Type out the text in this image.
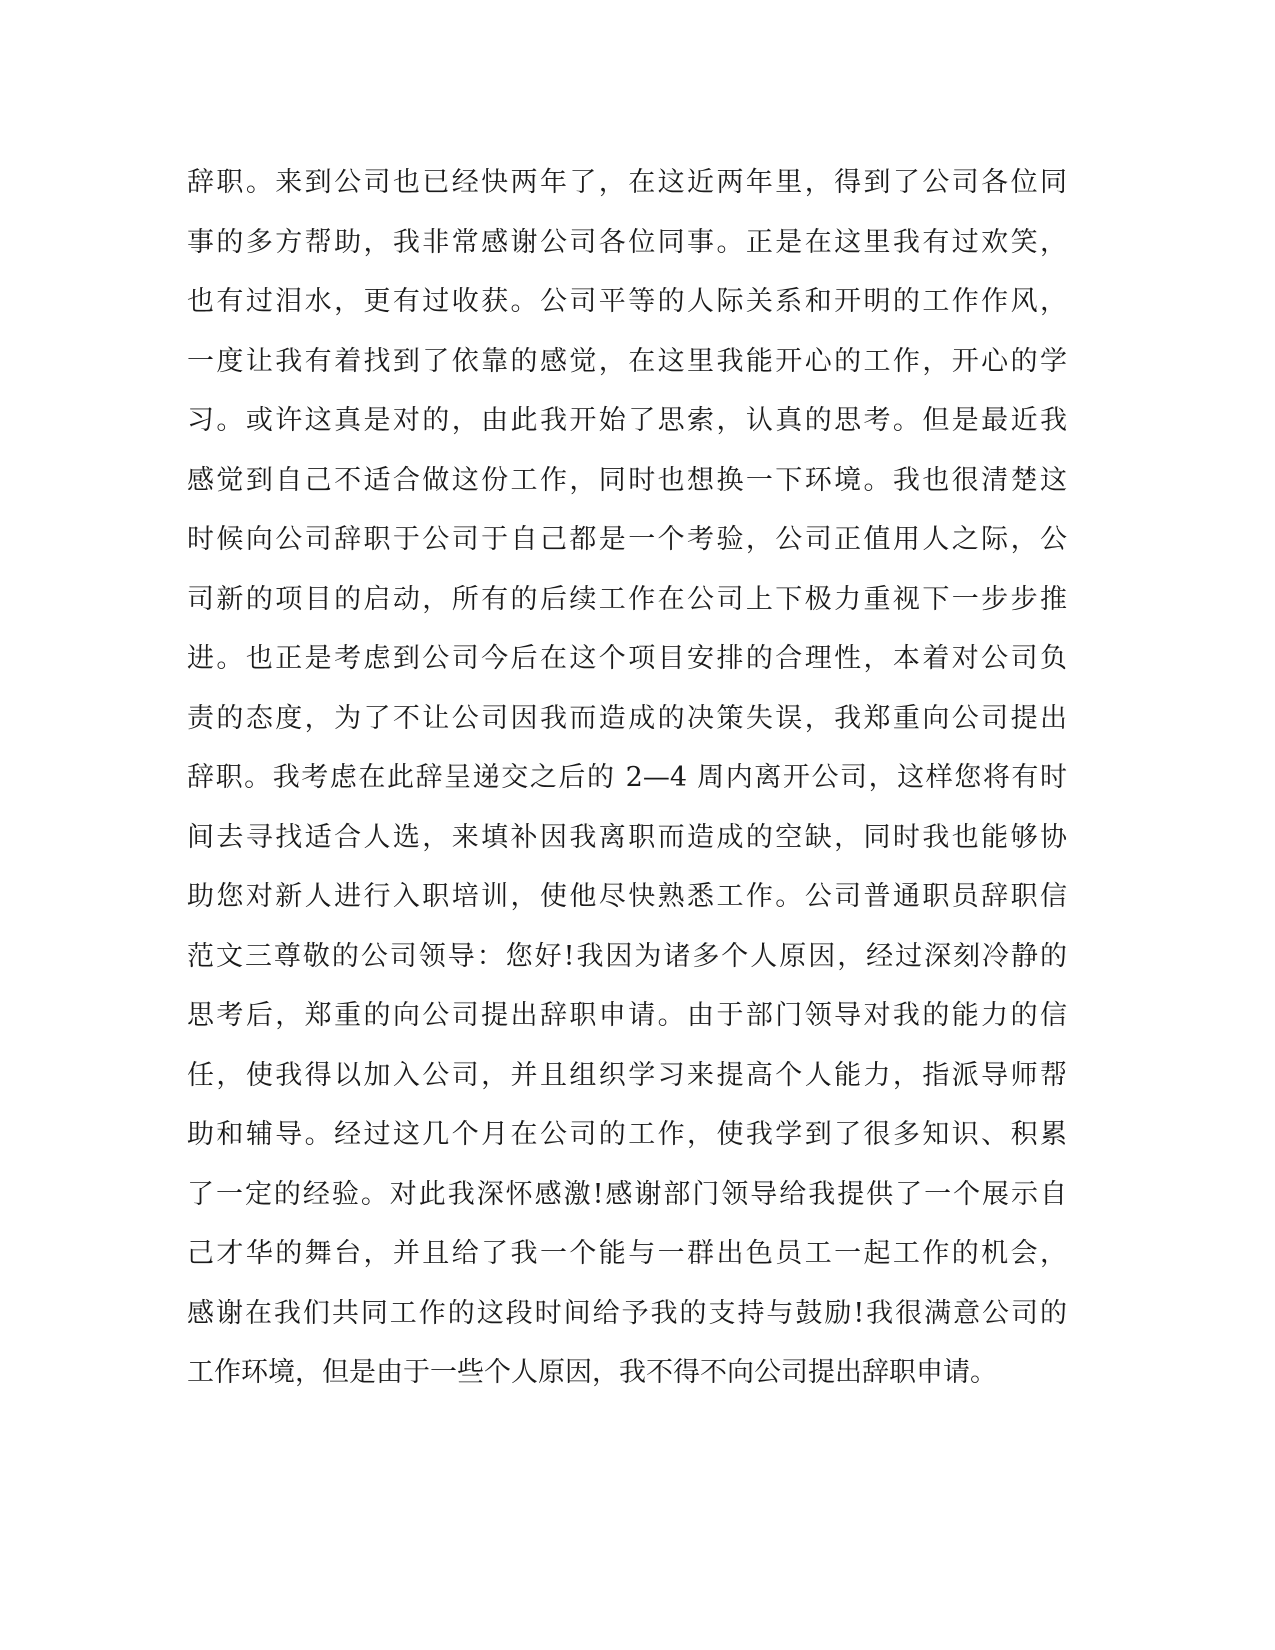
辞职。来到公司也已经快两年了，在这近两年里，得到了公司各位同
事的多方帮助，我非常感谢公司各位同事。正是在这里我有过欢笑，
也有过泪水，更有过收获。公司平等的人际关系和开明的工作作风，
一度让我有着找到了依靠的感觉，在这里我能开心的工作，开心的学
习。或许这真是对的，由此我开始了思索，认真的思考。但是最近我
感觉到自己不适合做这份工作，同时也想换一下环境。我也很清楚这
时候向公司辞职于公司于自己都是一个考验，公司正值用人之际，公
司新的项目的启动，所有的后续工作在公司上下极力重视下一步步推
进。也正是考虑到公司今后在这个项目安排的合理性，本着对公司负
责的态度，为了不让公司因我而造成的决策失误，我郑重向公司提出
辞职。我考虑在此辞呈递交之后的 2—4 周内离开公司，这样您将有时
间去寻找适合人选，来填补因我离职而造成的空缺，同时我也能够协
助您对新人进行入职培训，使他尽快熟悉工作。公司普通职员辞职信
范文三尊敬的公司领导：您好!我因为诸多个人原因，经过深刻冷静的
思考后，郑重的向公司提出辞职申请。由于部门领导对我的能力的信
任，使我得以加入公司，并且组织学习来提高个人能力，指派导师帮
助和辅导。经过这几个月在公司的工作，使我学到了很多知识、积累
了一定的经验。对此我深怀感激!感谢部门领导给我提供了一个展示自
己才华的舞台，并且给了我一个能与一群出色员工一起工作的机会，
感谢在我们共同工作的这段时间给予我的支持与鼓励!我很满意公司的
工作环境，但是由于一些个人原因，我不得不向公司提出辞职申请。
